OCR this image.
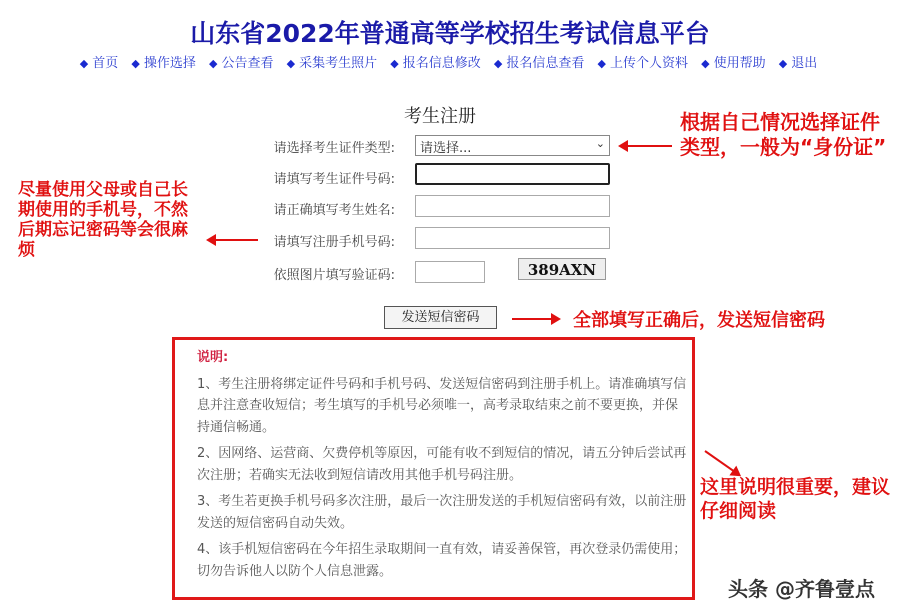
山东省2022年普通高等学校招生考试信息平台
◆ 首页 ◆ 操作选择 ◆ 公告查看 ◆ 采集考生照片 ◆ 报名信息修改 ◆ 报名信息查看 ◆ 上传个人资料 ◆ 使用帮助 ◆ 退出
考生注册
请选择考生证件类型:	请选择...	⌄
请填写考生证件号码:
请正确填写考生姓名:
请填写注册手机号码:
依照图片填写验证码:	389AXN
发送短信密码
说明:

1、考生注册将绑定证件号码和手机号码、发送短信密码到注册手机上。请准确填写信息并注意查收短信；考生填写的手机号必须唯一，高考录取结束之前不要更换，并保持通信畅通。

2、因网络、运营商、欠费停机等原因，可能有收不到短信的情况，请五分钟后尝试再次注册；若确实无法收到短信请改用其他手机号码注册。

3、考生若更换手机号码多次注册，最后一次注册发送的手机短信密码有效，以前注册发送的短信密码自动失效。

4、该手机短信密码在今年招生录取期间一直有效，请妥善保管，再次登录仍需使用；切勿告诉他人以防个人信息泄露。

根据自己情况选择证件类型，一般为“身份证”
尽量使用父母或自己长期使用的手机号，不然后期忘记密码等会很麻烦
全部填写正确后，发送短信密码
这里说明很重要，建议仔细阅读
头条 @齐鲁壹点
